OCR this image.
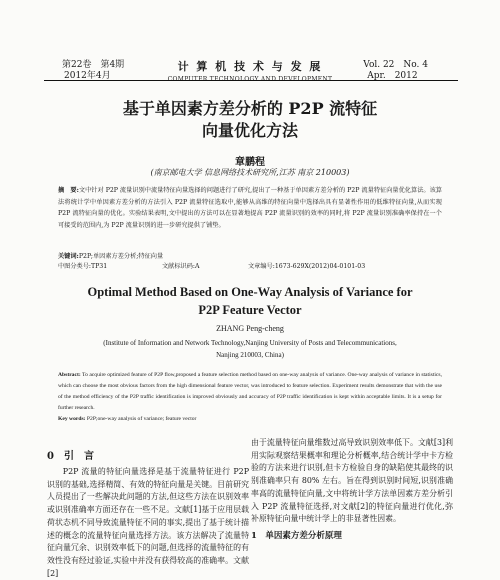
第22卷　第4期
2012年4月
计 算 机 技 术 与 发 展
COMPUTER TECHNOLOGY AND DEVELOPMENT
Vol. 22　No. 4
Apr.　2012
基于单因素方差分析的 P2P 流特征
向量优化方法
章鹏程
(南京邮电大学 信息网络技术研究所,江苏 南京 210003)
摘　要:文中针对 P2P 流量识别中流量特征向量选择的问题进行了研究,提出了一种基于单因素方差分析的 P2P 流量特征向量优化算法。该算法将统计学中单因素方差分析的方法引入 P2P 流量特征选取中,能够从高维的特征向量中选择出具有显著性作用的低维特征向量,从而实现 P2P 流特征向量的优化。实验结果表明,文中提出的方法可以在显著地提高 P2P 流量识别的效率的同时,将 P2P 流量识别准确率保持在一个可接受的范围内,为 P2P 流量识别的进一步研究提供了铺垫。
关键词:P2P;单因素方差分析;特征向量
中图分类号:TP31	文献标识码:A	文章编号:1673-629X(2012)04-0101-03
Optimal Method Based on One-Way Analysis of Variance for
P2P Feature Vector
ZHANG Peng-cheng
(Institute of Information and Network Technology,Nanjing University of Posts and Telecommunications,
Nanjing 210003, China)
Abstract: To acquire optimized feature of P2P flow,proposed a feature selection method based on one-way analysis of variance. One-way analysis of variance in statistics, which can choose the most obvious factors from the high dimensional feature vector, was introduced to feature selection. Experiment results demonstrate that with the use of the method efficiency of the P2P traffic identification is improved obviously and accuracy of P2P traffic identification is kept within acceptable limits. It is a setup for further research.
Key words: P2P;one-way analysis of variance; feature vector
0　引　言
P2P 流量的特征向量选择是基于流量特征进行 P2P 识别的基础,选择精简、有效的特征向量是关键。目前研究人员提出了一些解决此问题的方法,但这些方法在识别效率或识别准确率方面还存在一些不足。文献[1]基于应用层载荷状态机不同导致流量特征不同的事实,提出了基于统计描述的概念的流量特征向量选择方法。该方法解决了流量特征向量冗余、识别效率低下的问题,但选择的流量特征的有效性没有经过验证,实验中并没有获得较高的准确率。文献[2]
由于流量特征向量维数过高导致识别效率低下。文献[3]利用实际观察结果概率和理论分析概率,结合统计学中卡方检验的方法来进行识别,但卡方检验自身的缺陷使其最终的识别准确率只有 80% 左右。旨在得到识别时间短,识别准确率高的流量特征向量,文中将统计学方法单因素方差分析引入 P2P 流量特征选择,对文献[2]的特征向量进行优化,弥补原特征向量中统计学上的非显著性因素。
1　单因素方差分析原理
